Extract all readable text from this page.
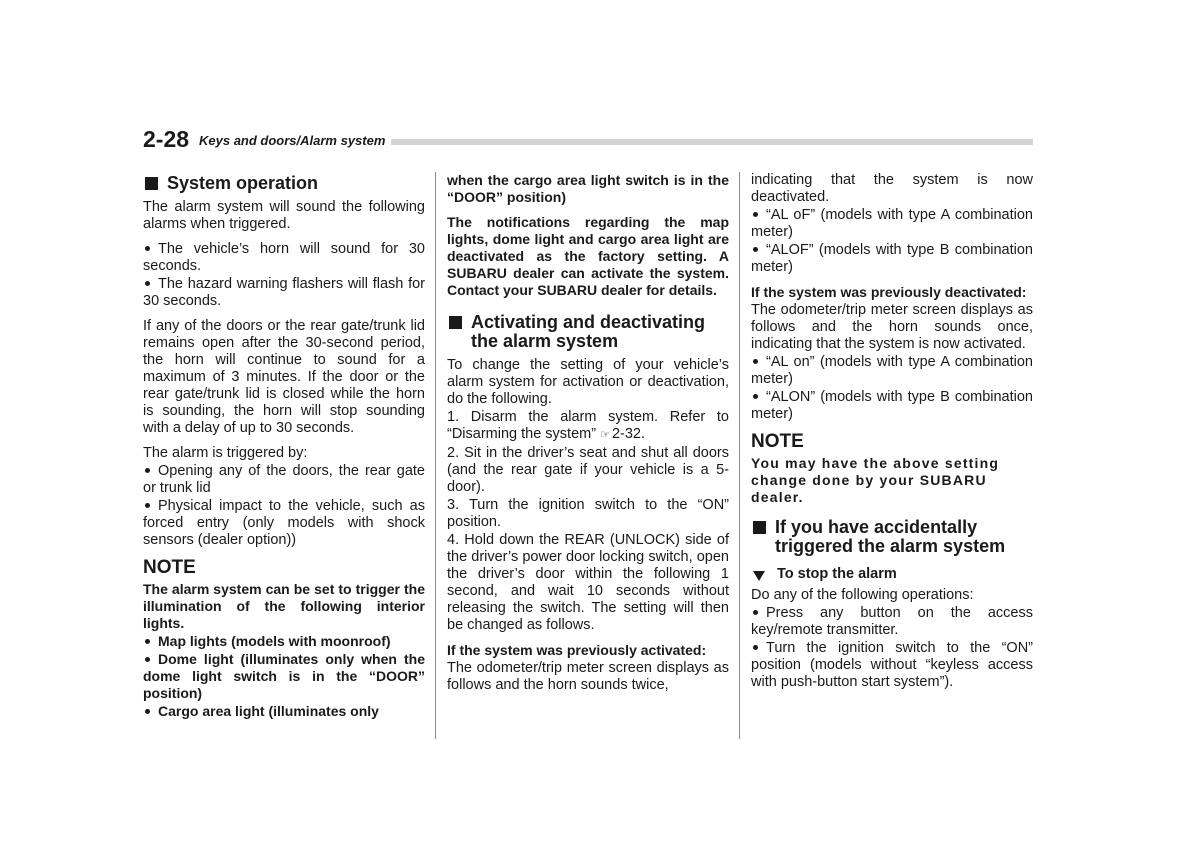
2-28 Keys and doors/Alarm system
System operation

The alarm system will sound the following alarms when triggered.

The vehicle’s horn will sound for 30 seconds.

The hazard warning flashers will flash for 30 seconds.

If any of the doors or the rear gate/trunk lid remains open after the 30-second period, the horn will continue to sound for a maximum of 3 minutes. If the door or the rear gate/trunk lid is closed while the horn is sounding, the horn will stop sounding with a delay of up to 30 seconds.

The alarm is triggered by:

Opening any of the doors, the rear gate or trunk lid

Physical impact to the vehicle, such as forced entry (only models with shock sensors (dealer option))

NOTE

The alarm system can be set to trigger the illumination of the following interior lights.

Map lights (models with moonroof)

Dome light (illuminates only when the dome light switch is in the “DOOR” position)

Cargo area light (illuminates only

when the cargo area light switch is in the “DOOR” position)

The notifications regarding the map lights, dome light and cargo area light are deactivated as the factory setting. A SUBARU dealer can activate the system. Contact your SUBARU dealer for details.

Activating and deactivating the alarm system

To change the setting of your vehicle’s alarm system for activation or deactivation, do the following.

1. Disarm the alarm system. Refer to “Disarming the system” ☞ 2-32.

2. Sit in the driver’s seat and shut all doors (and the rear gate if your vehicle is a 5-door).

3. Turn the ignition switch to the “ON” position.

4. Hold down the REAR (UNLOCK) side of the driver’s power door locking switch, open the driver’s door within the following 1 second, and wait 10 seconds without releasing the switch. The setting will then be changed as follows.

If the system was previously activated:

The odometer/trip meter screen displays as follows and the horn sounds twice,

indicating that the system is now deactivated.

“AL oF” (models with type A combination meter)

“ALOF” (models with type B combination meter)

If the system was previously deactivated:

The odometer/trip meter screen displays as follows and the horn sounds once, indicating that the system is now activated.

“AL on” (models with type A combination meter)

“ALON” (models with type B combination meter)

NOTE

You may have the above setting change done by your SUBARU dealer.

If you have accidentally triggered the alarm system
To stop the alarm

Do any of the following operations:

Press any button on the access key/remote transmitter.

Turn the ignition switch to the “ON” position (models without “keyless access with push-button start system”).
